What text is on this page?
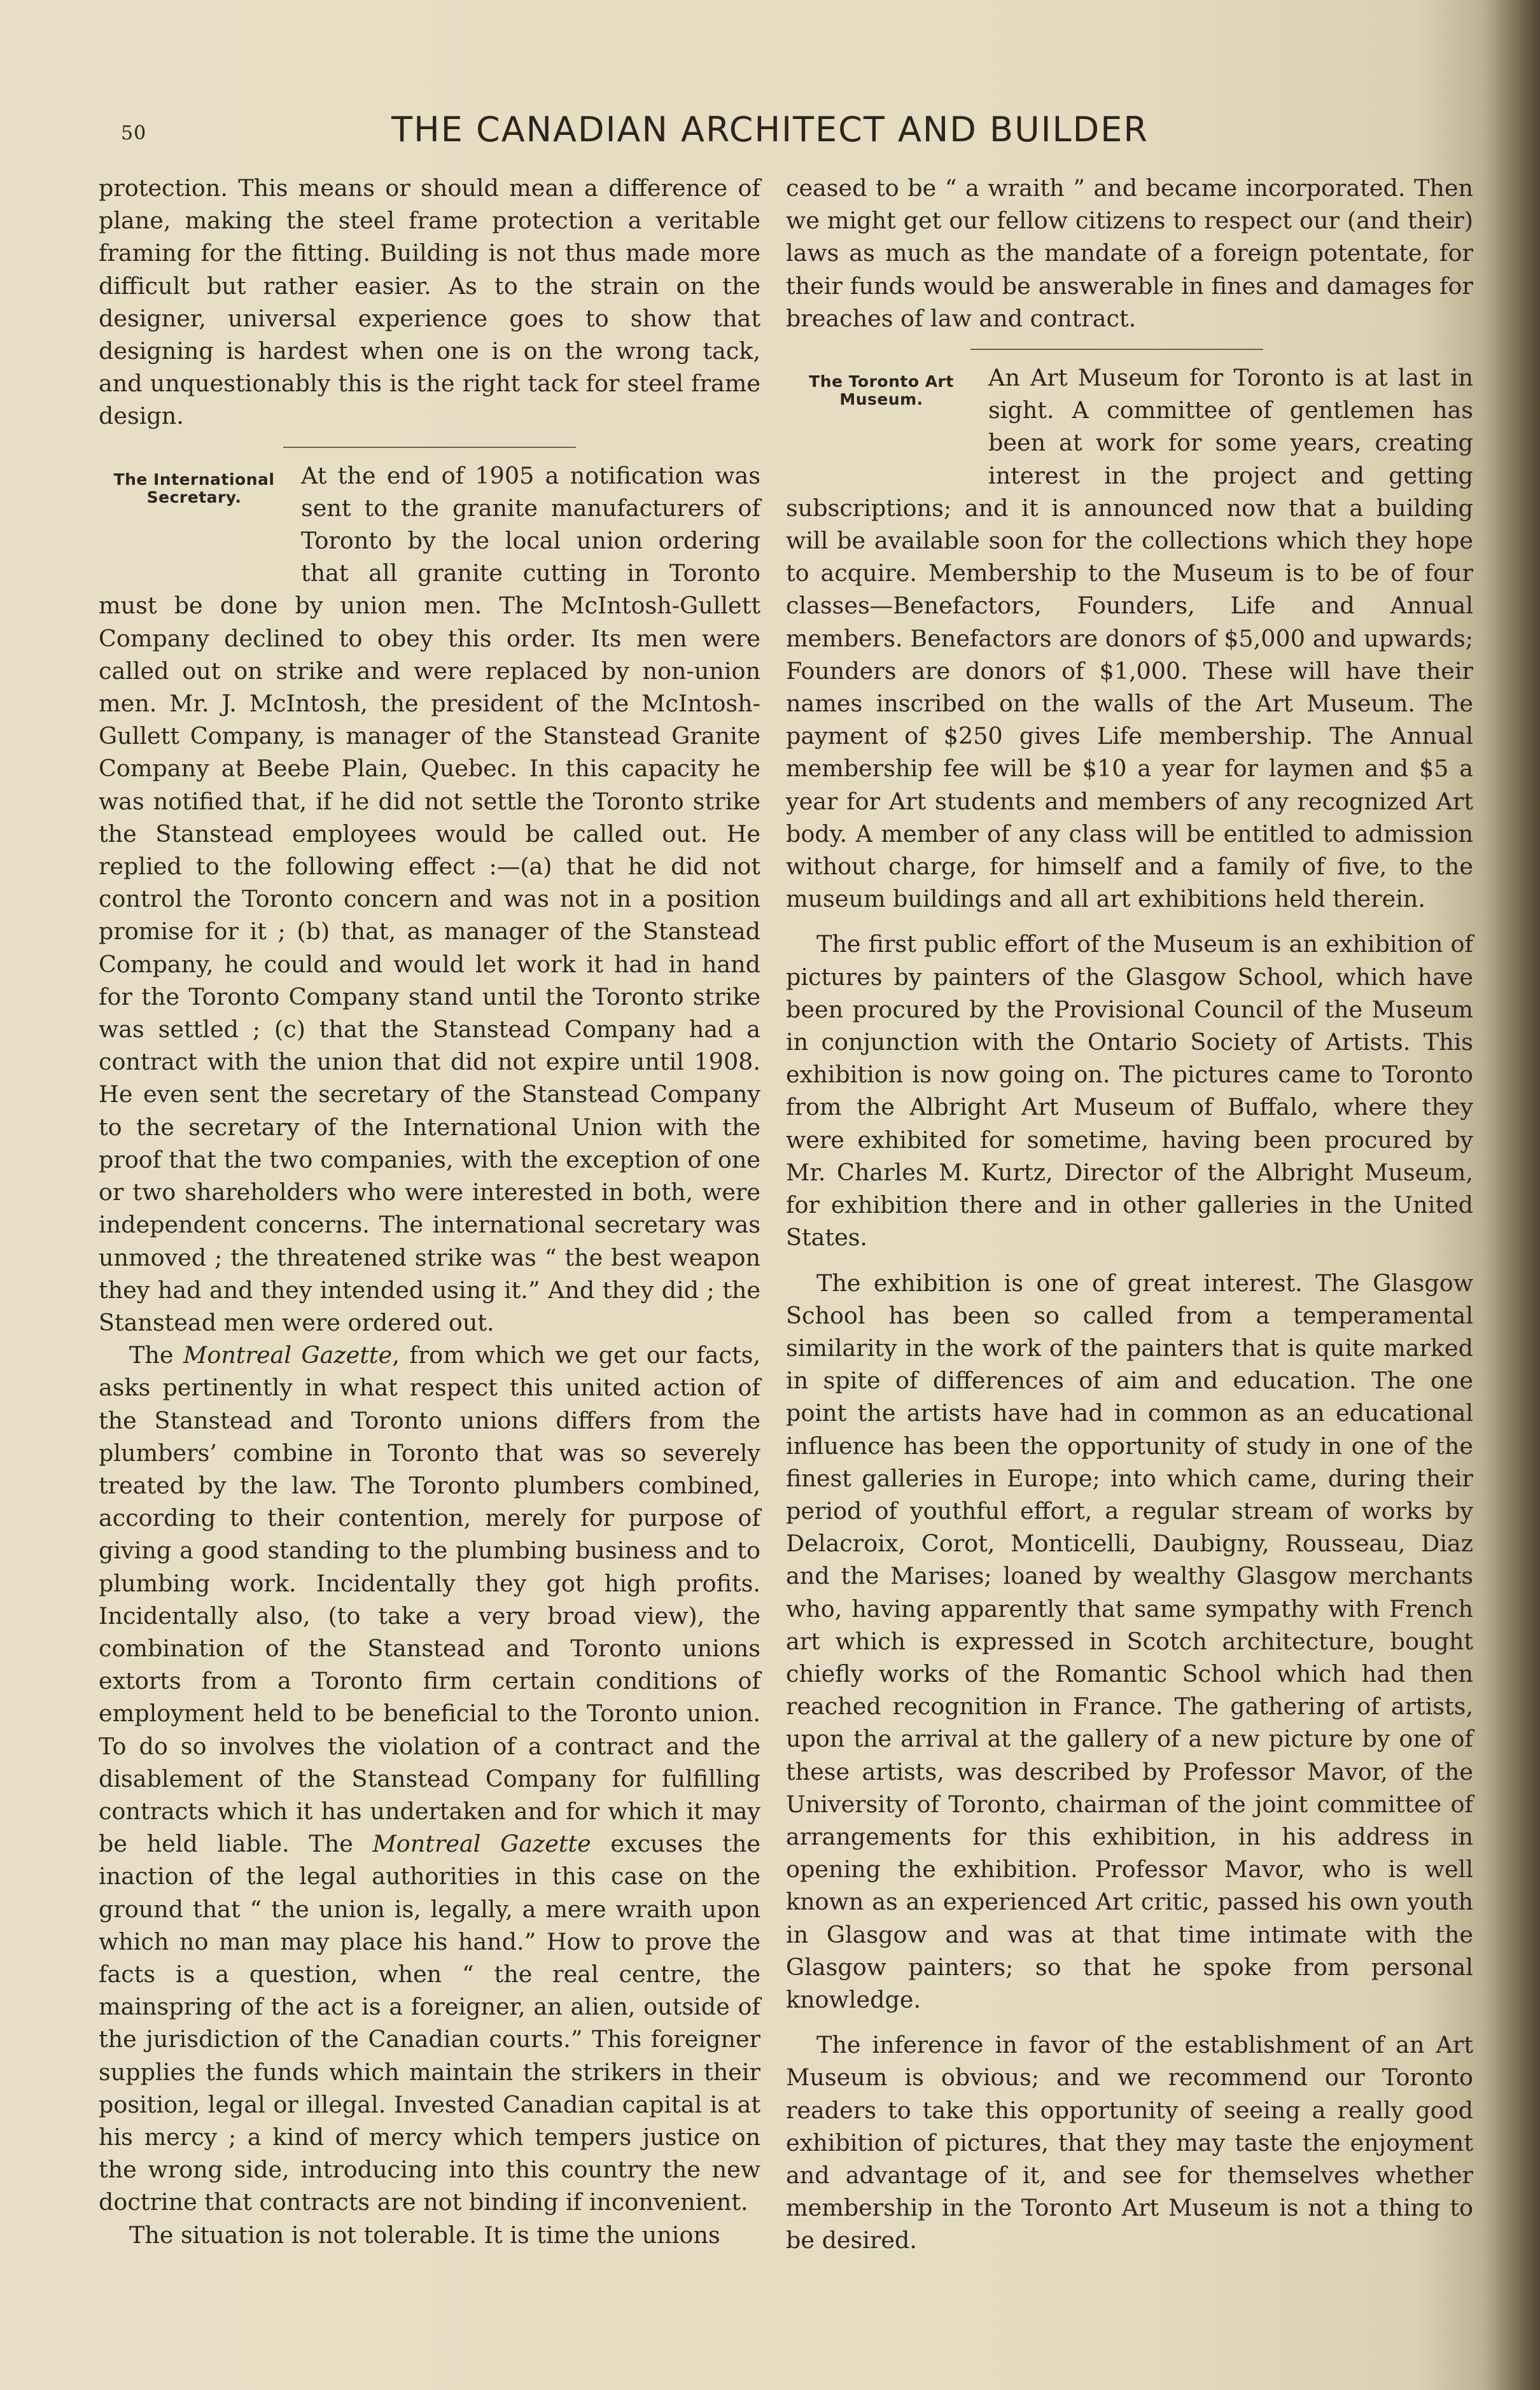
50	THE CANADIAN ARCHITECT AND BUILDER

protection. This means or should mean a difference of plane, making the steel frame protection a veritable framing for the fitting. Building is not thus made more difficult but rather easier. As to the strain on the designer, universal experience goes to show that designing is hardest when one is on the wrong tack, and unquestionably this is the right tack for steel frame design.

The International
Secretary.

At the end of 1905 a notification was sent to the granite manufacturers of Toronto by the local union ordering that all granite cutting in Toronto must be done by union men. The McIntosh-Gullett Company declined to obey this order. Its men were called out on strike and were replaced by non-union men. Mr. J. McIntosh, the president of the McIntosh-Gullett Company, is manager of the Stanstead Granite Company at Beebe Plain, Quebec. In this capacity he was notified that, if he did not settle the Toronto strike the Stanstead employees would be called out. He replied to the following effect :—(a) that he did not control the Toronto concern and was not in a position promise for it ; (b) that, as manager of the Stanstead Company, he could and would let work it had in hand for the Toronto Company stand until the Toronto strike was settled ; (c) that the Stanstead Company had a contract with the union that did not expire until 1908. He even sent the secretary of the Stanstead Company to the secretary of the International Union with the proof that the two companies, with the exception of one or two shareholders who were interested in both, were independent concerns. The international secretary was unmoved ; the threatened strike was “ the best weapon they had and they intended using it.” And they did ; the Stanstead men were ordered out.

The Montreal Gazette, from which we get our facts, asks pertinently in what respect this united action of the Stanstead and Toronto unions differs from the plumbers’ combine in Toronto that was so severely treated by the law. The Toronto plumbers combined, according to their contention, merely for purpose of giving a good standing to the plumbing business and to plumbing work. Incidentally they got high profits. Incidentally also, (to take a very broad view), the combination of the Stanstead and Toronto unions extorts from a Toronto firm certain conditions of employment held to be beneficial to the Toronto union. To do so involves the violation of a contract and the disablement of the Stanstead Company for fulfilling contracts which it has undertaken and for which it may be held liable. The Montreal Gazette excuses the inaction of the legal authorities in this case on the ground that “ the union is, legally, a mere wraith upon which no man may place his hand.” How to prove the facts is a question, when “ the real centre, the mainspring of the act is a foreigner, an alien, outside of the jurisdiction of the Canadian courts.” This foreigner supplies the funds which maintain the strikers in their position, legal or illegal. Invested Canadian capital is at his mercy ; a kind of mercy which tempers justice on the wrong side, introducing into this country the new doctrine that contracts are not binding if inconvenient.

The situation is not tolerable. It is time the unions

ceased to be “ a wraith ” and became incorporated. Then we might get our fellow citizens to respect our (and their) laws as much as the mandate of a foreign potentate, for their funds would be answerable in fines and damages for breaches of law and contract.

The Toronto Art
Museum.

An Art Museum for Toronto is at last in sight. A committee of gentlemen has been at work for some years, creating interest in the project and getting subscriptions; and it is announced now that a building will be available soon for the collections which they hope to acquire. Membership to the Museum is to be of four classes—Benefactors, Founders, Life and Annual members. Benefactors are donors of $5,000 and upwards; Founders are donors of $1,000. These will have their names inscribed on the walls of the Art Museum. The payment of $250 gives Life membership. The Annual membership fee will be $10 a year for laymen and $5 a year for Art students and members of any recognized Art body. A member of any class will be entitled to admission without charge, for himself and a family of five, to the museum buildings and all art exhibitions held therein.

The first public effort of the Museum is an exhibition of pictures by painters of the Glasgow School, which have been procured by the Provisional Council of the Museum in conjunction with the Ontario Society of Artists. This exhibition is now going on. The pictures came to Toronto from the Albright Art Museum of Buffalo, where they were exhibited for sometime, having been procured by Mr. Charles M. Kurtz, Director of the Albright Museum, for exhibition there and in other galleries in the United States.

The exhibition is one of great interest. The Glasgow School has been so called from a temperamental similarity in the work of the painters that is quite marked in spite of differences of aim and education. The one point the artists have had in common as an educational influence has been the opportunity of study in one of the finest galleries in Europe; into which came, during their period of youthful effort, a regular stream of works by Delacroix, Corot, Monticelli, Daubigny, Rousseau, Diaz and the Marises; loaned by wealthy Glasgow merchants who, having apparently that same sympathy with French art which is expressed in Scotch architecture, bought chiefly works of the Romantic School which had then reached recognition in France. The gathering of artists, upon the arrival at the gallery of a new picture by one of these artists, was described by Professor Mavor, of the University of Toronto, chairman of the joint committee of arrangements for this exhibition, in his address in opening the exhibition. Professor Mavor, who is well known as an experienced Art critic, passed his own youth in Glasgow and was at that time intimate with the Glasgow painters; so that he spoke from personal knowledge.

The inference in favor of the establishment of an Art Museum is obvious; and we recommend our Toronto readers to take this opportunity of seeing a really good exhibition of pictures, that they may taste the enjoyment and advantage of it, and see for themselves whether membership in the Toronto Art Museum is not a thing to be desired.
